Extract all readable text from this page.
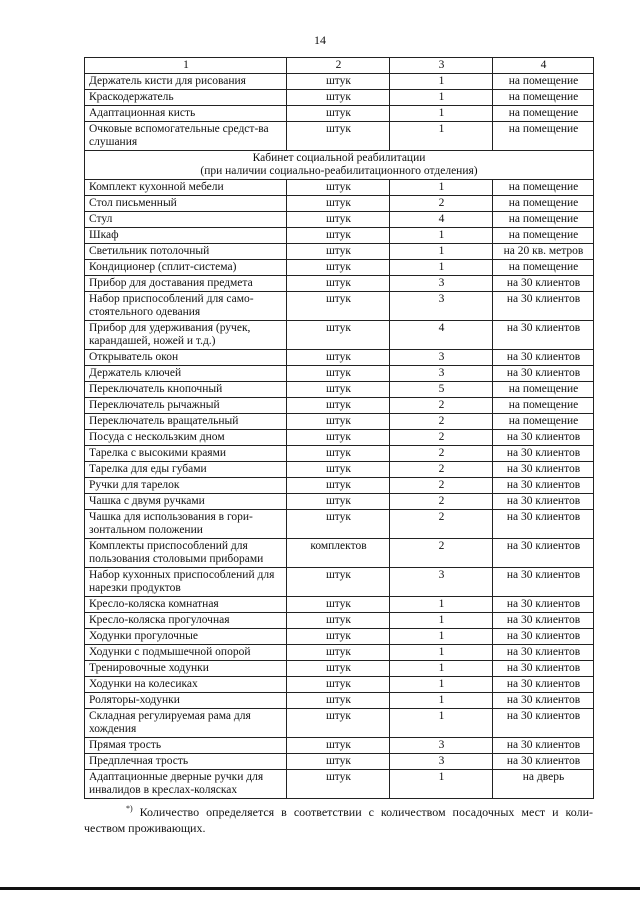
14
1	2	3	4
Держатель кисти для рисования	штук	1	на помещение
Краскодержатель	штук	1	на помещение
Адаптационная кисть	штук	1	на помещение
Очковые вспомогательные средст-ва слушания	штук	1	на помещение

Кабинет социальной реабилитации
(при наличии социально-реабилитационного отделения)			

Комплект кухонной мебели	штук	1	на помещение
Стол письменный	штук	2	на помещение
Стул	штук	4	на помещение
Шкаф	штук	1	на помещение
Светильник потолочный	штук	1	на 20 кв. метров
Кондиционер (сплит-система)	штук	1	на помещение
Прибор для доставания предмета	штук	3	на 30 клиентов
Набор приспособлений для само-стоятельного одевания	штук	3	на 30 клиентов
Прибор для удерживания (ручек, карандашей, ножей и т.д.)	штук	4	на 30 клиентов
Открыватель окон	штук	3	на 30 клиентов
Держатель ключей	штук	3	на 30 клиентов
Переключатель кнопочный	штук	5	на помещение
Переключатель рычажный	штук	2	на помещение
Переключатель вращательный	штук	2	на помещение
Посуда с нескользким дном	штук	2	на 30 клиентов
Тарелка с высокими краями	штук	2	на 30 клиентов
Тарелка для еды губами	штук	2	на 30 клиентов
Ручки для тарелок	штук	2	на 30 клиентов
Чашка с двумя ручками	штук	2	на 30 клиентов
Чашка для использования в гори-зонтальном положении	штук	2	на 30 клиентов
Комплекты приспособлений для пользования столовыми приборами	комплектов	2	на 30 клиентов
Набор кухонных приспособлений для нарезки продуктов	штук	3	на 30 клиентов
Кресло-коляска комнатная	штук	1	на 30 клиентов
Кресло-коляска прогулочная	штук	1	на 30 клиентов
Ходунки прогулочные	штук	1	на 30 клиентов
Ходунки с подмышечной опорой	штук	1	на 30 клиентов
Тренировочные ходунки	штук	1	на 30 клиентов
Ходунки на колесиках	штук	1	на 30 клиентов
Роляторы-ходунки	штук	1	на 30 клиентов
Складная регулируемая рама для хождения	штук	1	на 30 клиентов
Прямая трость	штук	3	на 30 клиентов
Предплечная трость	штук	3	на 30 клиентов
Адаптационные дверные ручки для инвалидов в креслах-колясках	штук	1	на дверь
*) Количество определяется в соответствии с количеством посадочных мест и коли-чеством проживающих.
